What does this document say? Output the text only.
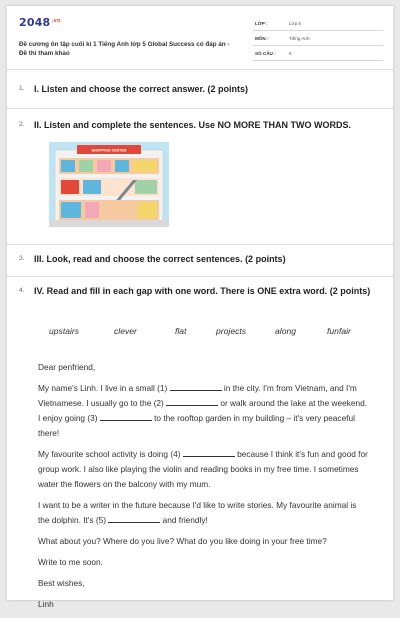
$2048^{.vn}$
Đề cương ôn tập cuối kì 1 Tiếng Anh lớp 5 Global Success có đáp án - Đề thi tham khảo
LỚP :	Lớp 5
MÔN :	Tiếng Anh
SỐ CÂU :	5
1. I. Listen and choose the correct answer. (2 points)
2. II. Listen and complete the sentences. Use NO MORE THAN TWO WORDS.
SHOPPING CENTER
3. III. Look, read and choose the correct sentences. (2 points)
4. IV. Read and fill in each gap with one word. There is ONE extra word. (2 points)
upstairs	clever	flat	projects	along	funfair

Dear penfriend,

My name's Linh. I live in a small (1)	in the city. I'm from Vietnam, and I'm Vietnamese. I usually go to the (2)	or walk around the lake at the weekend. I enjoy going (3)	to the rooftop garden in my building – it's very peaceful there!

My favourite school activity is doing (4)	because I think it's fun and good for group work. I also like playing the violin and reading books in my free time. I sometimes water the flowers on the balcony with my mum.

I want to be a writer in the future because I'd like to write stories. My favourite animal is the dolphin. It's (5)	and friendly!

What about you? Where do you live? What do you like doing in your free time?

Write to me soon.

Best wishes,

Linh
